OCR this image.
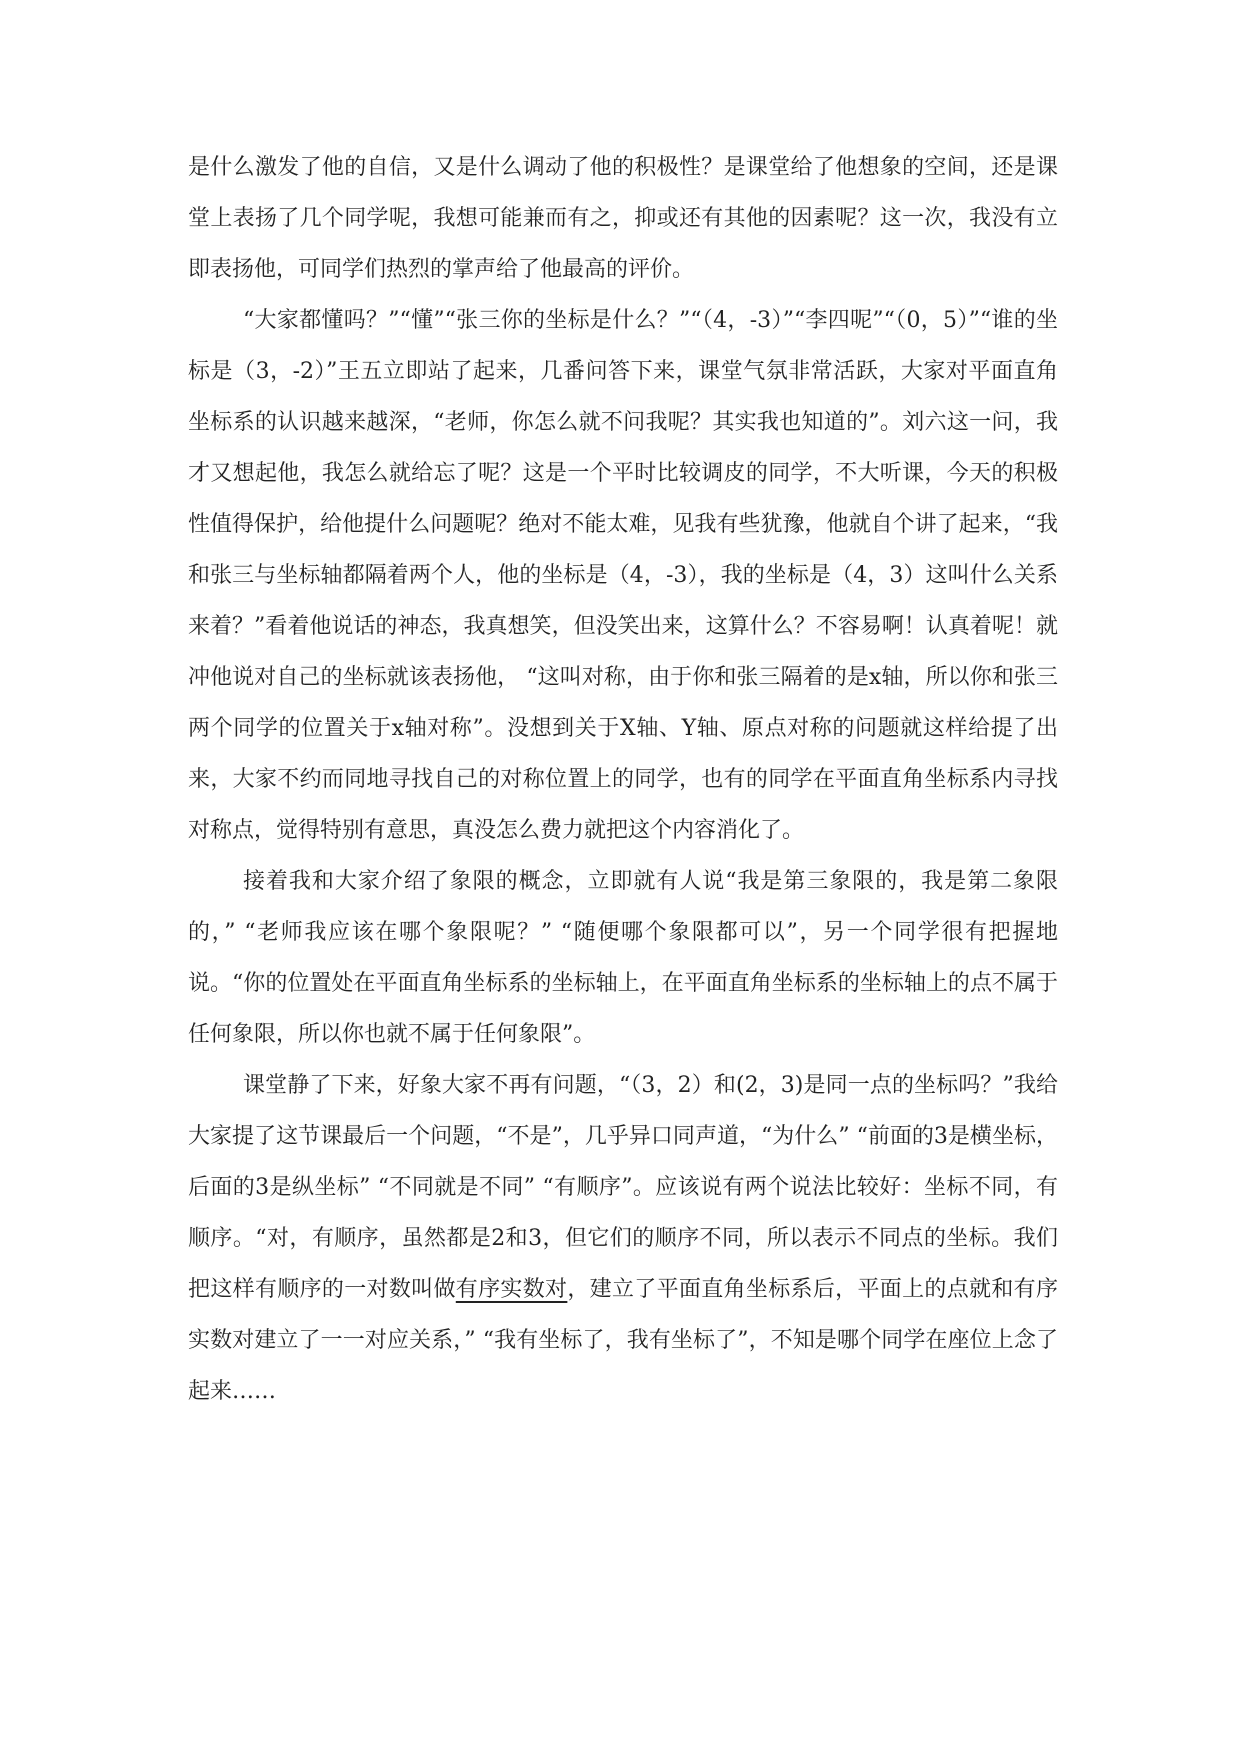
是什么激发了他的自信，又是什么调动了他的积极性？是课堂给了他想象的空间，还是课堂上表扬了几个同学呢，我想可能兼而有之，抑或还有其他的因素呢？这一次，我没有立即表扬他，可同学们热烈的掌声给了他最高的评价。

“大家都懂吗？”“懂”“张三你的坐标是什么？”“（4，-3）”“李四呢”“（0，5）”“谁的坐标是（3，-2）”王五立即站了起来，几番问答下来，课堂气氛非常活跃，大家对平面直角坐标系的认识越来越深，“老师，你怎么就不问我呢？其实我也知道的”。刘六这一问，我才又想起他，我怎么就给忘了呢？这是一个平时比较调皮的同学，不大听课，今天的积极性值得保护，给他提什么问题呢？绝对不能太难，见我有些犹豫，他就自个讲了起来，“我和张三与坐标轴都隔着两个人，他的坐标是（4，-3），我的坐标是（4，3）这叫什么关系来着？”看着他说话的神态，我真想笑，但没笑出来，这算什么？不容易啊！认真着呢！就冲他说对自己的坐标就该表扬他， “这叫对称，由于你和张三隔着的是x轴，所以你和张三两个同学的位置关于x轴对称”。没想到关于X轴、Y轴、原点对称的问题就这样给提了出来，大家不约而同地寻找自己的对称位置上的同学，也有的同学在平面直角坐标系内寻找对称点，觉得特别有意思，真没怎么费力就把这个内容消化了。

接着我和大家介绍了象限的概念，立即就有人说“我是第三象限的，我是第二象限的，” “老师我应该在哪个象限呢？” “随便哪个象限都可以”，另一个同学很有把握地说。“你的位置处在平面直角坐标系的坐标轴上，在平面直角坐标系的坐标轴上的点不属于任何象限，所以你也就不属于任何象限”。

课堂静了下来，好象大家不再有问题，“（3，2）和(2，3)是同一点的坐标吗？”我给大家提了这节课最后一个问题，“不是”，几乎异口同声道，“为什么” “前面的3是横坐标，后面的3是纵坐标” “不同就是不同” “有顺序”。应该说有两个说法比较好：坐标不同，有顺序。“对，有顺序，虽然都是2和3，但它们的顺序不同，所以表示不同点的坐标。我们把这样有顺序的一对数叫做有序实数对，建立了平面直角坐标系后，平面上的点就和有序实数对建立了一一对应关系，” “我有坐标了，我有坐标了”，不知是哪个同学在座位上念了起来……
